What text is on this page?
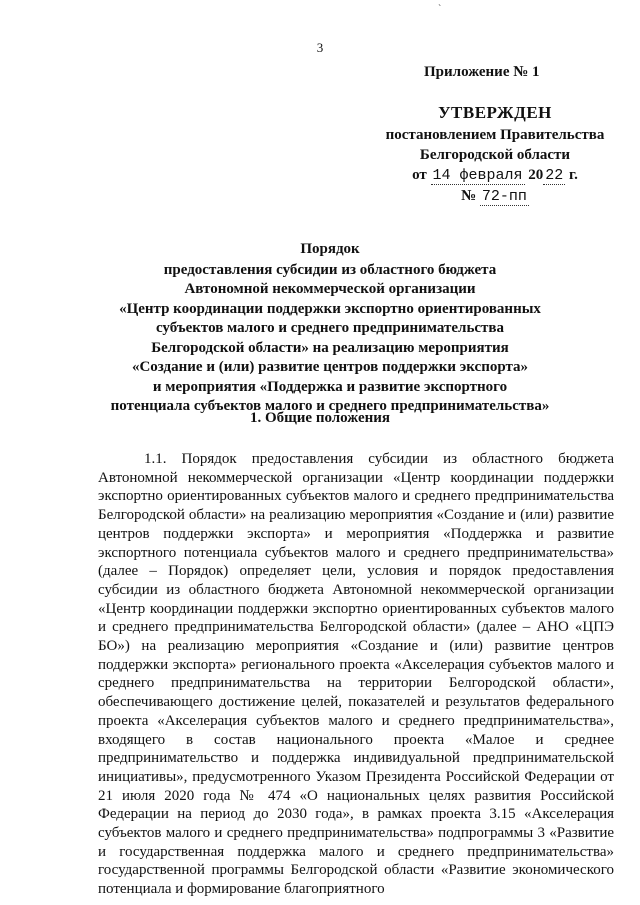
ˋ
3
Приложение № 1
УТВЕРЖДЕН
постановлением Правительства
Белгородской области
от 14 февраля 20 22 г.
№ 72-пп
Порядок
предоставления субсидии из областного бюджета
Автономной некоммерческой организации
«Центр координации поддержки экспортно ориентированных
субъектов малого и среднего предпринимательства
Белгородской области» на реализацию мероприятия
«Создание и (или) развитие центров поддержки экспорта»
и мероприятия «Поддержка и развитие экспортного
потенциала субъектов малого и среднего предпринимательства»
1. Общие положения

1.1. Порядок предоставления субсидии из областного бюджета Автономной некоммерческой организации «Центр координации поддержки экспортно ориентированных субъектов малого и среднего предпринимательства Белгородской области» на реализацию мероприятия «Создание и (или) развитие центров поддержки экспорта» и мероприятия «Поддержка и развитие экспортного потенциала субъектов малого и среднего предпринимательства» (далее – Порядок) определяет цели, условия и порядок предоставления субсидии из областного бюджета Автономной некоммерческой организации «Центр координации поддержки экспортно ориентированных субъектов малого и среднего предпринимательства Белгородской области» (далее – АНО «ЦПЭ БО») на реализацию мероприятия «Создание и (или) развитие центров поддержки экспорта» регионального проекта «Акселерация субъектов малого и среднего предпринимательства на территории Белгородской области», обеспечивающего достижение целей, показателей и результатов федерального проекта «Акселерация субъектов малого и среднего предпринимательства», входящего в состав национального проекта «Малое и среднее предпринимательство и поддержка индивидуальной предпринимательской инициативы», предусмотренного Указом Президента Российской Федерации от 21 июля 2020 года № 474 «О национальных целях развития Российской Федерации на период до 2030 года», в рамках проекта 3.15 «Акселерация субъектов малого и среднего предпринимательства» подпрограммы 3 «Развитие и государственная поддержка малого и среднего предпринимательства» государственной программы Белгородской области «Развитие экономического потенциала и формирование благоприятного
